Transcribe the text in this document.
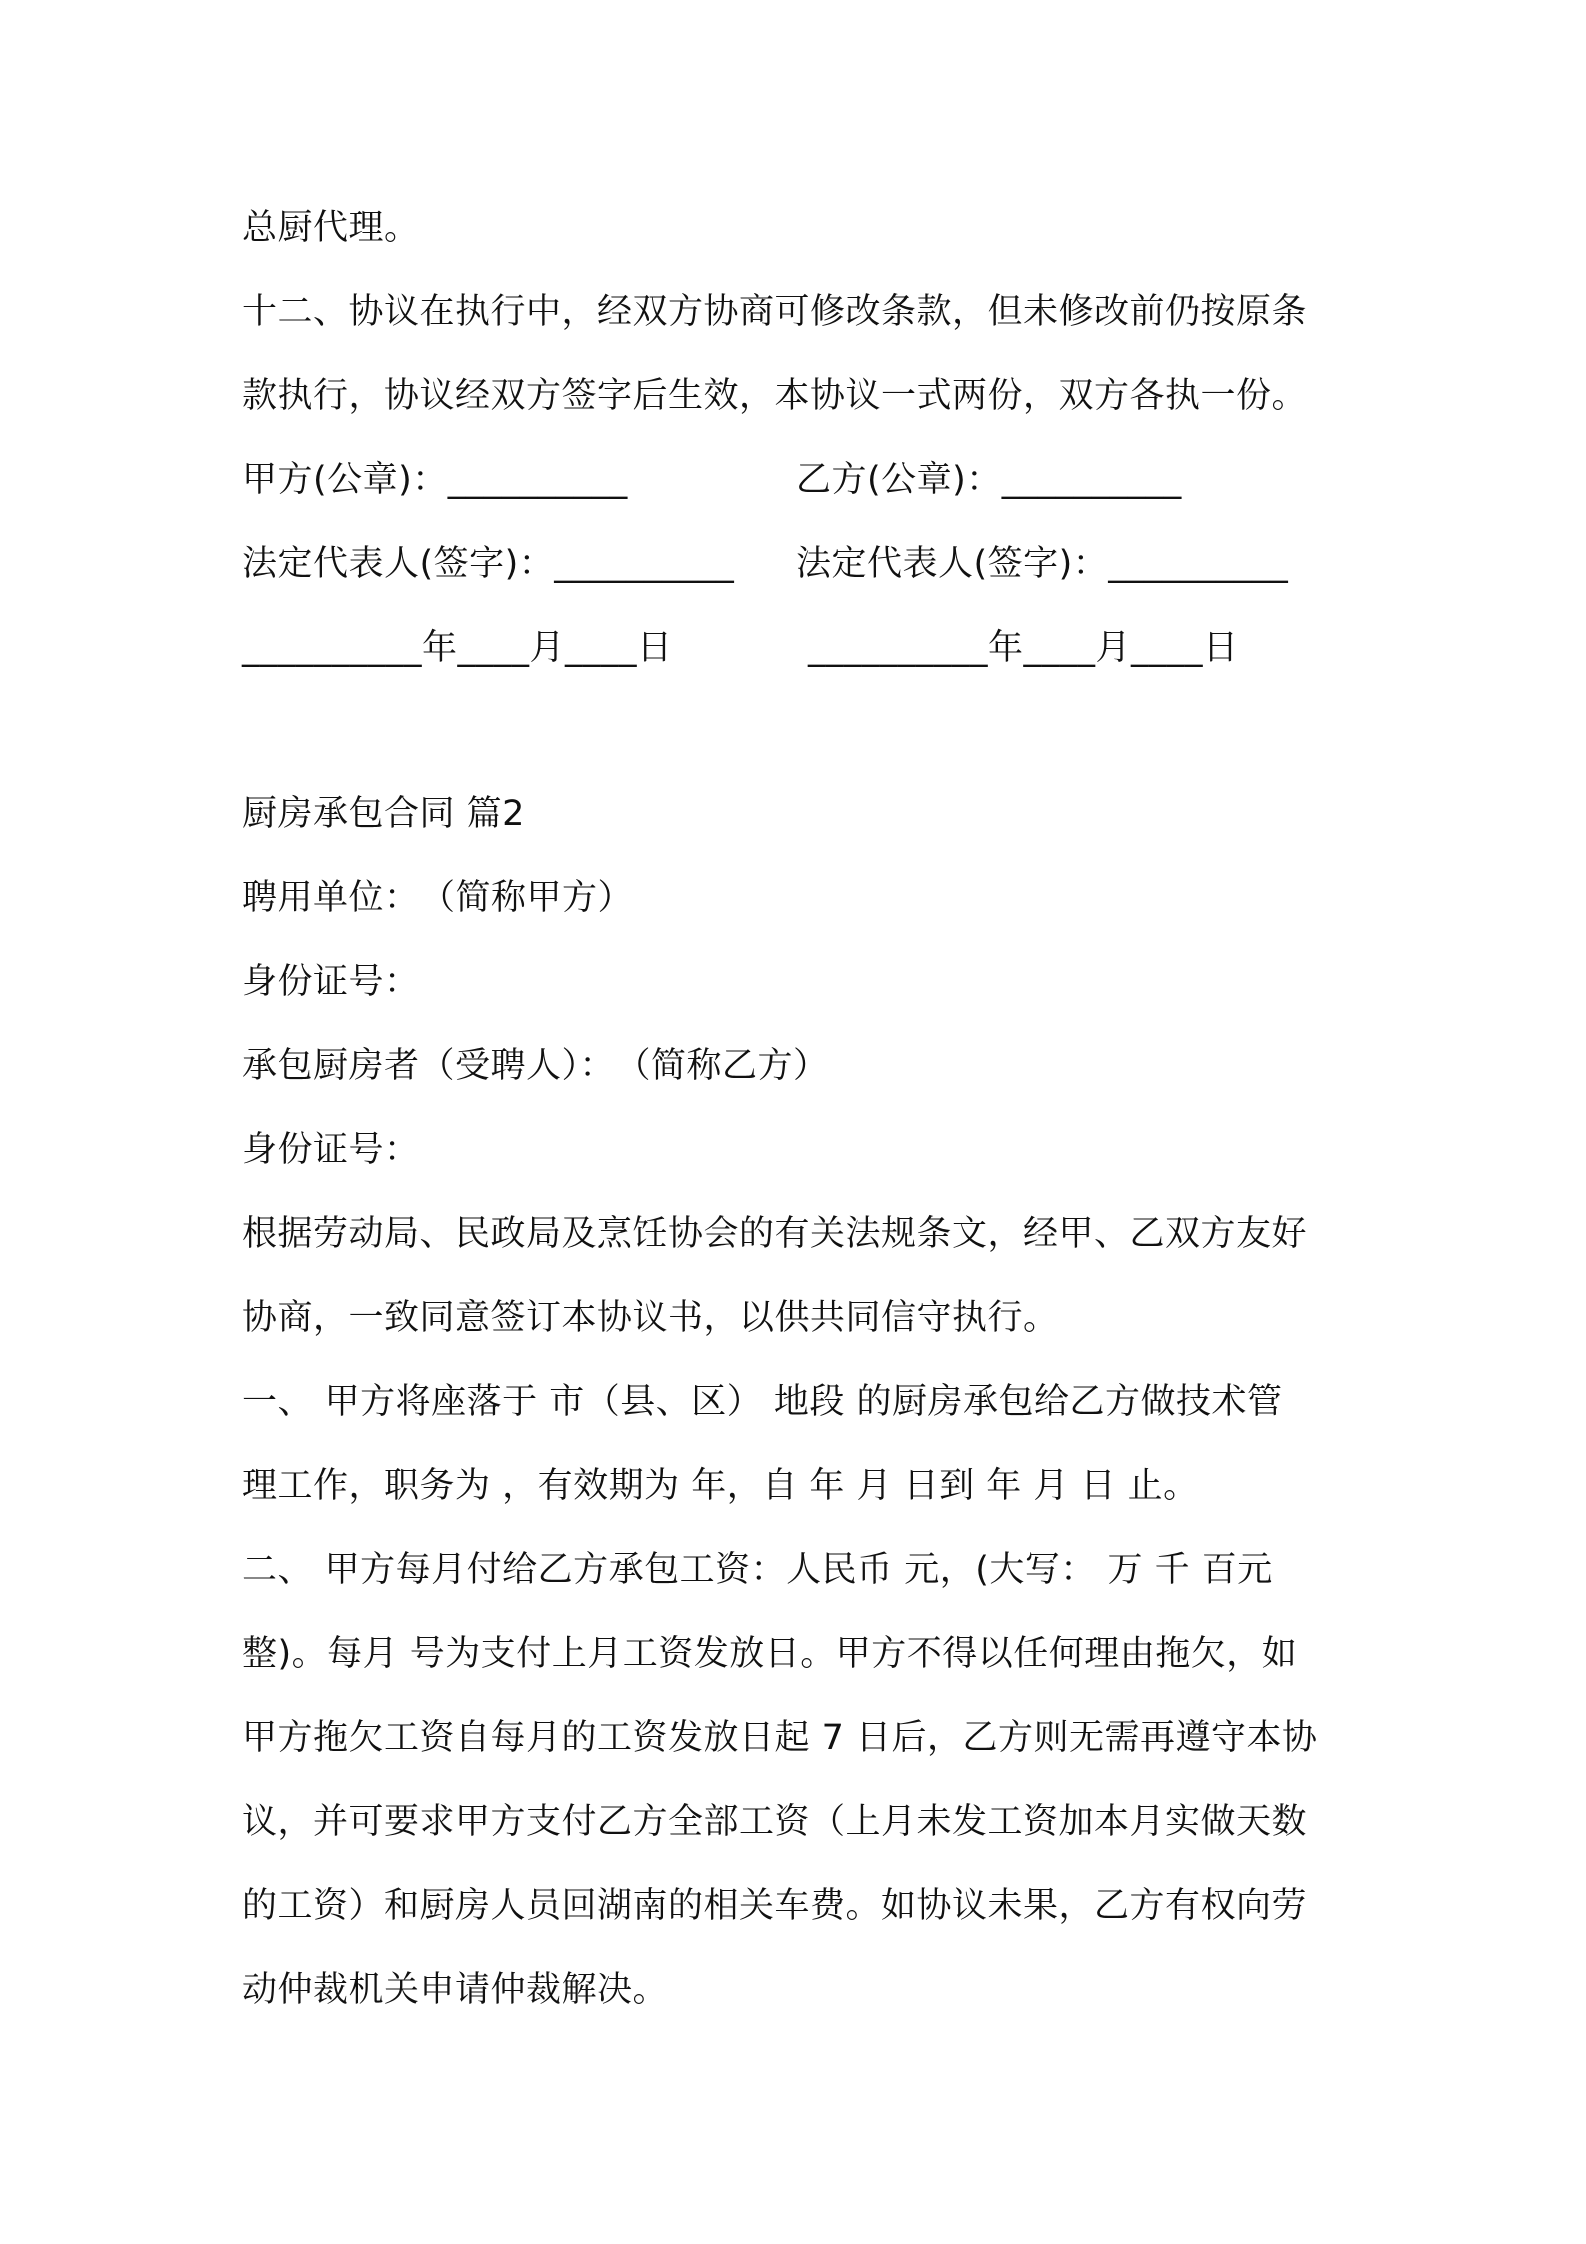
总厨代理。
十二、协议在执行中，经双方协商可修改条款，但未修改前仍按原条
款执行，协议经双方签字后生效，本协议一式两份，双方各执一份。
甲方(公章)：__________	乙方(公章)：__________
法定代表人(签字)：__________ 法定代表人(签字)：__________
__________年____月____日	__________年____月____日
厨房承包合同 篇2
聘用单位：　（简称甲方）
身份证号：
承包厨房者（受聘人）：　（简称乙方）
身份证号：
根据劳动局、民政局及烹饪协会的有关法规条文，经甲、乙双方友好
协商，一致同意签订本协议书，以供共同信守执行。
一、 甲方将座落于 市（县、区） 地段 的厨房承包给乙方做技术管
理工作，职务为 ，有效期为 年，自 年 月 日到 年 月 日 止。
二、 甲方每月付给乙方承包工资：人民币 元，(大写： 万 千 百元
整)。每月 号为支付上月工资发放日。甲方不得以任何理由拖欠，如
甲方拖欠工资自每月的工资发放日起 7 日后，乙方则无需再遵守本协
议，并可要求甲方支付乙方全部工资（上月未发工资加本月实做天数
的工资）和厨房人员回湖南的相关车费。如协议未果，乙方有权向劳
动仲裁机关申请仲裁解决。
